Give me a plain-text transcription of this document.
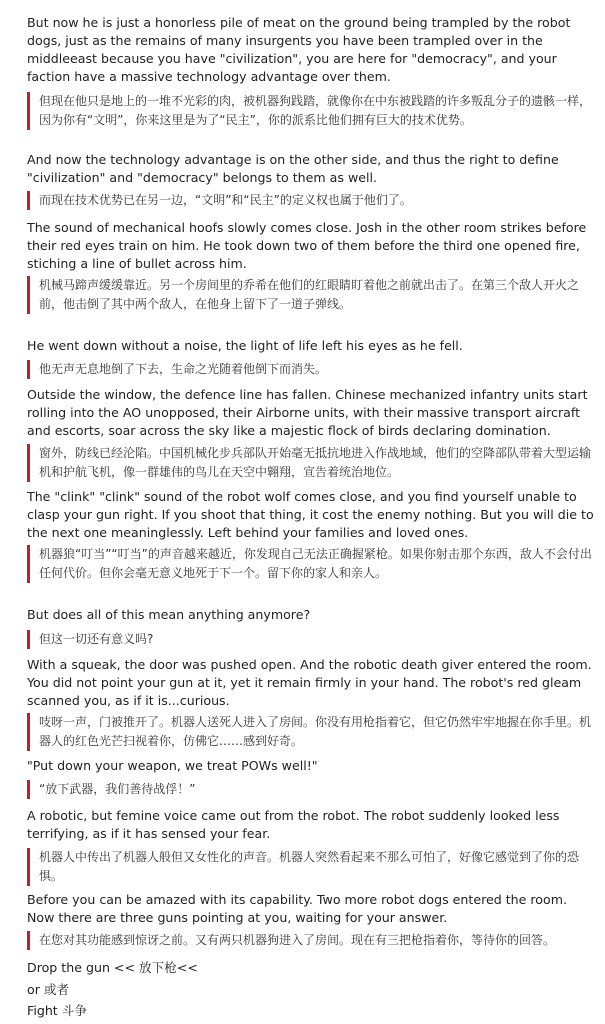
But now he is just a honorless pile of meat on the ground being trampled by the robot dogs, just as the remains of many insurgents you have been trampled over in the middleeast because you have "civilization", you are here for "democracy", and your faction have a massive technology advantage over them.

但现在他只是地上的一堆不光彩的肉，被机器狗践踏，就像你在中东被践踏的许多叛乱分子的遗骸一样，因为你有“文明”，你来这里是为了“民主”，你的派系比他们拥有巨大的技术优势。

And now the technology advantage is on the other side, and thus the right to define "civilization" and "democracy" belongs to them as well.

而现在技术优势已在另一边，“文明”和“民主”的定义权也属于他们了。

The sound of mechanical hoofs slowly comes close. Josh in the other room strikes before their red eyes train on him. He took down two of them before the third one opened fire, stiching a line of bullet across him.

机械马蹄声缓缓靠近。另一个房间里的乔希在他们的红眼睛盯着他之前就出击了。在第三个敌人开火之前，他击倒了其中两个敌人，在他身上留下了一道子弹线。

He went down without a noise, the light of life left his eyes as he fell.

他无声无息地倒了下去，生命之光随着他倒下而消失。

Outside the window, the defence line has fallen. Chinese mechanized infantry units start rolling into the AO unopposed, their Airborne units, with their massive transport aircraft and escorts, soar across the sky like a majestic flock of birds declaring domination.

窗外，防线已经沦陷。中国机械化步兵部队开始毫无抵抗地进入作战地域，他们的空降部队带着大型运输机和护航飞机，像一群雄伟的鸟儿在天空中翱翔，宣告着统治地位。

The "clink" "clink" sound of the robot wolf comes close, and you find yourself unable to clasp your gun right. If you shoot that thing, it cost the enemy nothing. But you will die to the next one meaninglessly. Left behind your families and loved ones.

机器狼“叮当”“叮当”的声音越来越近，你发现自己无法正确握紧枪。如果你射击那个东西，敌人不会付出任何代价。但你会毫无意义地死于下一个。留下你的家人和亲人。

But does all of this mean anything anymore?

但这一切还有意义吗?

With a squeak, the door was pushed open. And the robotic death giver entered the room. You did not point your gun at it, yet it remain firmly in your hand. The robot's red gleam scanned you, as if it is...curious.

吱呀一声，门被推开了。机器人送死人进入了房间。你没有用枪指着它，但它仍然牢牢地握在你手里。机器人的红色光芒扫视着你，仿佛它……感到好奇。

"Put down your weapon, we treat POWs well!"

“放下武器，我们善待战俘！”

A robotic, but femine voice came out from the robot. The robot suddenly looked less terrifying, as if it has sensed your fear.

机器人中传出了机器人般但又女性化的声音。机器人突然看起来不那么可怕了，好像它感觉到了你的恐惧。

Before you can be amazed with its capability. Two more robot dogs entered the room. Now there are three guns pointing at you, waiting for your answer.

在您对其功能感到惊讶之前。又有两只机器狗进入了房间。现在有三把枪指着你，等待你的回答。

Drop the gun << 放下枪<<

or 或者

Fight 斗争
